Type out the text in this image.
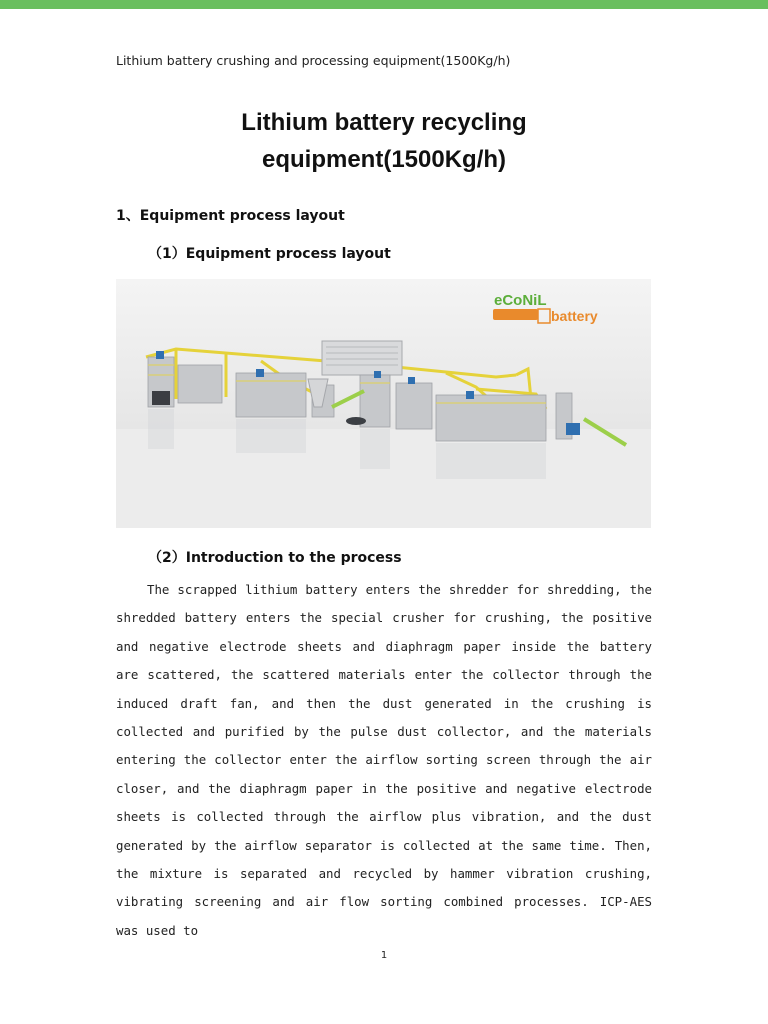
Lithium battery crushing and processing equipment(1500Kg/h)
Lithium battery recycling
equipment(1500Kg/h)
1、Equipment process layout
（1）Equipment process layout
eCoNiL
battery
（2）Introduction to the process

The scrapped lithium battery enters the shredder for shredding, the shredded battery enters the special crusher for crushing, the positive and negative electrode sheets and diaphragm paper inside the battery are scattered, the scattered materials enter the collector through the induced draft fan, and then the dust generated in the crushing is collected and purified by the pulse dust collector, and the materials entering the collector enter the airflow sorting screen through the air closer, and the diaphragm paper in the positive and negative electrode sheets is collected through the airflow plus vibration, and the dust generated by the airflow separator is collected at the same time. Then, the mixture is separated and recycled by hammer vibration crushing, vibrating screening and air flow sorting combined processes. ICP-AES was used to

1
